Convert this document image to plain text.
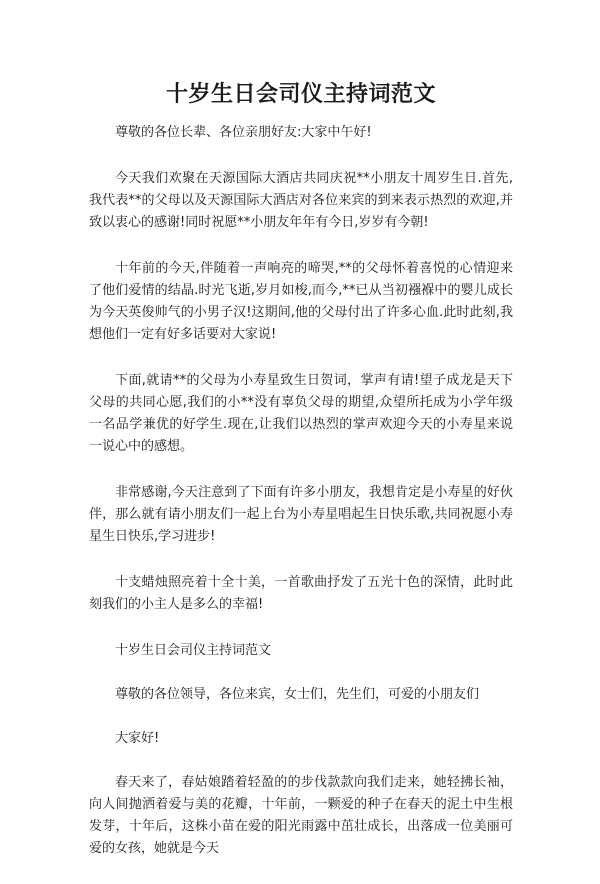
十岁生日会司仪主持词范文

尊敬的各位长辈、各位亲朋好友:大家中午好!

今天我们欢聚在天源国际大酒店共同庆祝**小朋友十周岁生日.首先,我代表**的父母以及天源国际大酒店对各位来宾的到来表示热烈的欢迎,并致以衷心的感谢!同时祝愿**小朋友年年有今日,岁岁有今朝!

十年前的今天,伴随着一声响亮的啼哭,**的父母怀着喜悦的心情迎来了他们爱情的结晶.时光飞逝,岁月如梭,而今,**已从当初襁褓中的婴儿成长为今天英俊帅气的小男子汉!这期间,他的父母付出了许多心血.此时此刻,我想他们一定有好多话要对大家说!

下面,就请**的父母为小寿星致生日贺词，掌声有请!望子成龙是天下父母的共同心愿,我们的小**没有辜负父母的期望,众望所托成为小学年级一名品学兼优的好学生.现在,让我们以热烈的掌声欢迎今天的小寿星来说一说心中的感想。

非常感谢,今天注意到了下面有许多小朋友，我想肯定是小寿星的好伙伴，那么就有请小朋友们一起上台为小寿星唱起生日快乐歌,共同祝愿小寿星生日快乐,学习进步!

十支蜡烛照亮着十全十美，一首歌曲抒发了五光十色的深情，此时此刻我们的小主人是多么的幸福!

十岁生日会司仪主持词范文

尊敬的各位领导，各位来宾，女士们，先生们，可爱的小朋友们

大家好!

春天来了，春姑娘踏着轻盈的的步伐款款向我们走来，她轻拂长袖，向人间抛洒着爱与美的花瓣，十年前，一颗爱的种子在春天的泥土中生根发芽，十年后，这株小苗在爱的阳光雨露中茁壮成长，出落成一位美丽可爱的女孩，她就是今天
